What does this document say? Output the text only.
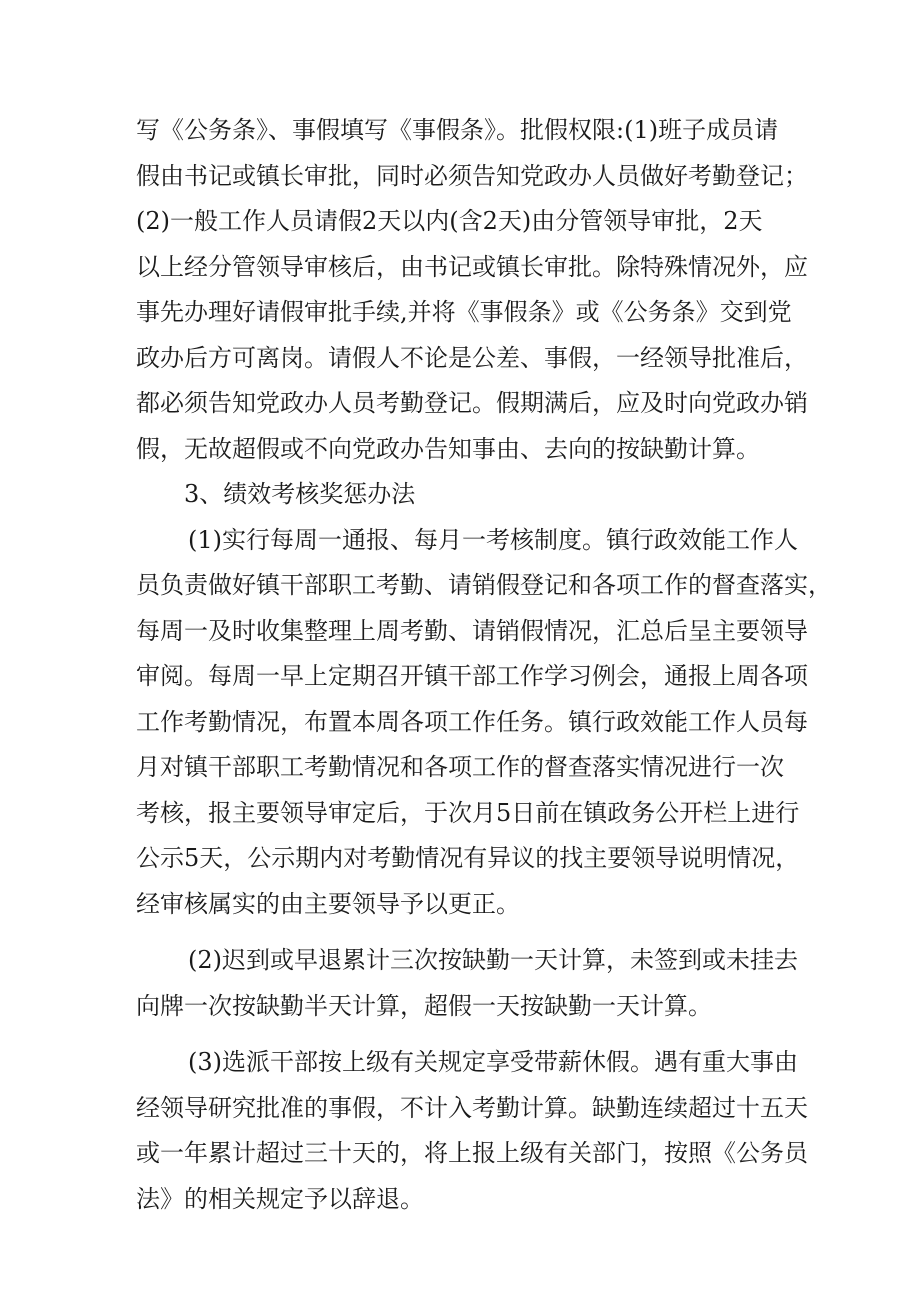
写《公务条》、事假填写《事假条》。批假权限:(1)班子成员请
假由书记或镇长审批，同时必须告知党政办人员做好考勤登记；
(2)一般工作人员请假2天以内(含2天)由分管领导审批，2天
以上经分管领导审核后，由书记或镇长审批。除特殊情况外，应
事先办理好请假审批手续,并将《事假条》或《公务条》交到党
政办后方可离岗。请假人不论是公差、事假，一经领导批准后，
都必须告知党政办人员考勤登记。假期满后，应及时向党政办销
假，无故超假或不向党政办告知事由、去向的按缺勤计算。
3、绩效考核奖惩办法
(1)实行每周一通报、每月一考核制度。镇行政效能工作人
员负责做好镇干部职工考勤、请销假登记和各项工作的督查落实，
每周一及时收集整理上周考勤、请销假情况，汇总后呈主要领导
审阅。每周一早上定期召开镇干部工作学习例会，通报上周各项
工作考勤情况，布置本周各项工作任务。镇行政效能工作人员每
月对镇干部职工考勤情况和各项工作的督查落实情况进行一次
考核，报主要领导审定后，于次月5日前在镇政务公开栏上进行
公示5天，公示期内对考勤情况有异议的找主要领导说明情况，
经审核属实的由主要领导予以更正。
(2)迟到或早退累计三次按缺勤一天计算，未签到或未挂去
向牌一次按缺勤半天计算，超假一天按缺勤一天计算。
(3)选派干部按上级有关规定享受带薪休假。遇有重大事由
经领导研究批准的事假，不计入考勤计算。缺勤连续超过十五天
或一年累计超过三十天的，将上报上级有关部门，按照《公务员
法》的相关规定予以辞退。
